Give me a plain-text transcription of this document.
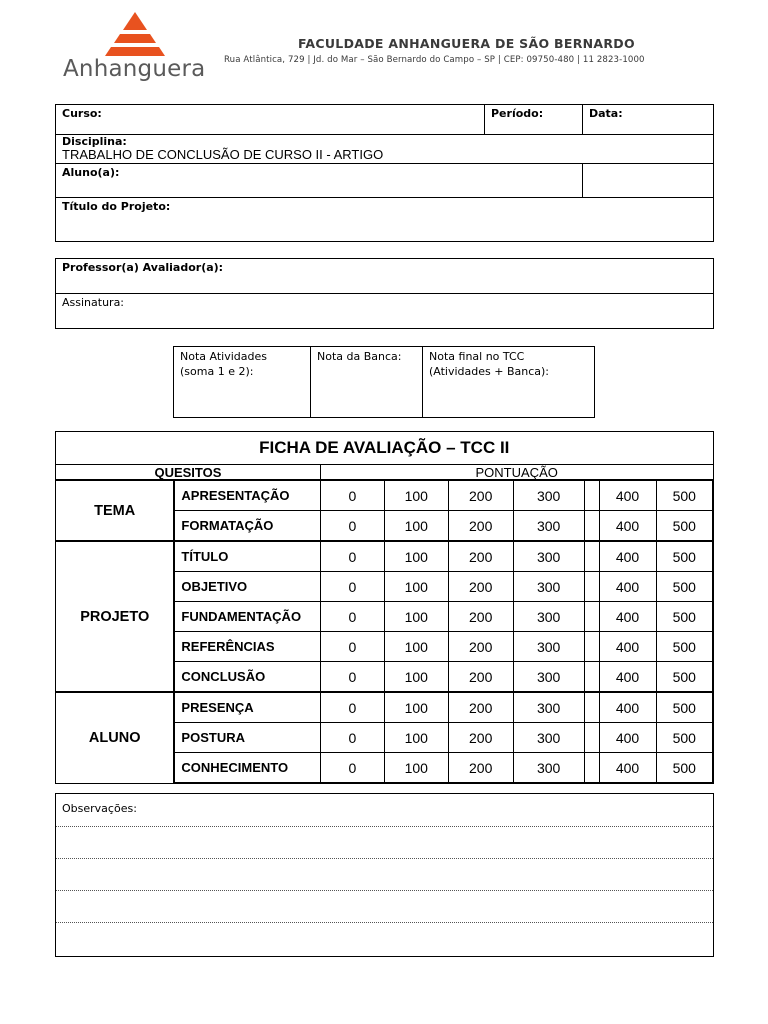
Anhanguera
FACULDADE ANHANGUERA DE SÃO BERNARDO
Rua Atlântica, 729 | Jd. do Mar – São Bernardo do Campo – SP | CEP: 09750-480 | 11 2823-1000
Curso:	Período:	Data:

Disciplina:
TRABALHO DE CONCLUSÃO DE CURSO II - ARTIGO		

Aluno(a):		
Título do Projeto:		
Professor(a) Avaliador(a):
Assinatura:
Nota Atividades (soma 1 e 2):	Nota da Banca:	Nota final no TCC (Atividades + Banca):
FICHA DE AVALIAÇÃO – TCC II								
QUESITOS		PONTUAÇÃO						
TEMA	APRESENTAÇÃO	0	100	200	300		400	500
	FORMATAÇÃO	0	100	200	300		400	500
PROJETO	TÍTULO	0	100	200	300		400	500
	OBJETIVO	0	100	200	300		400	500
	FUNDAMENTAÇÃO	0	100	200	300		400	500
	REFERÊNCIAS	0	100	200	300		400	500
	CONCLUSÃO	0	100	200	300		400	500
ALUNO	PRESENÇA	0	100	200	300		400	500
	POSTURA	0	100	200	300		400	500
	CONHECIMENTO	0	100	200	300		400	500
Observações:
